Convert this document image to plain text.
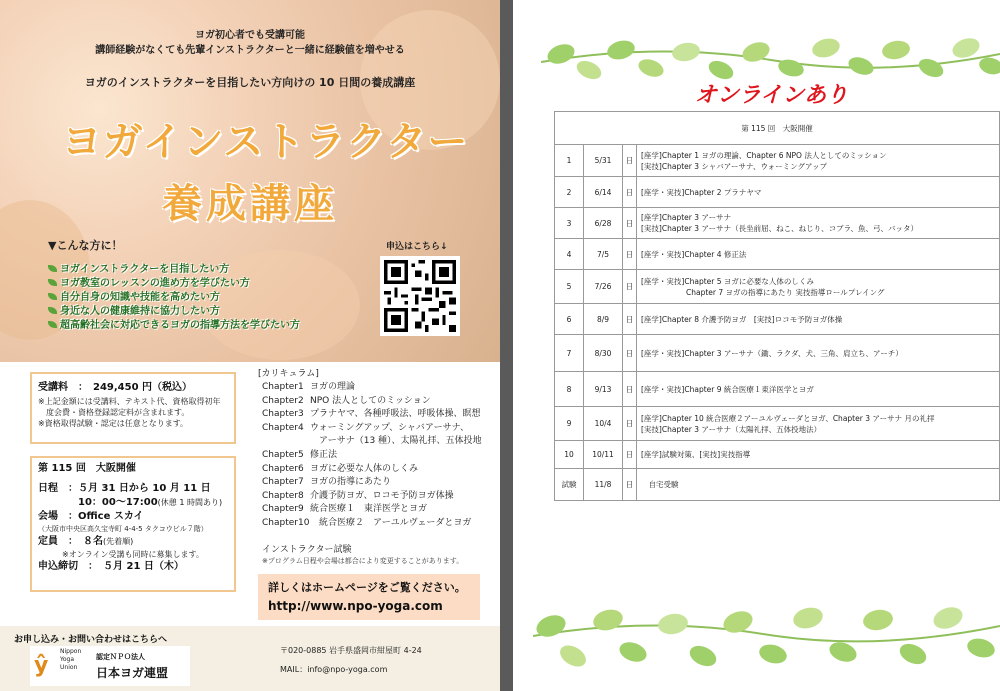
ヨガ初心者でも受講可能
講師経験がなくても先輩インストラクターと一緒に経験値を増やせる
ヨガのインストラクターを目指したい方向けの 10 日間の養成講座
ヨガインストラクター
養成講座
▼こんな方に！
ヨガインストラクターを目指したい方
ヨガ教室のレッスンの進め方を学びたい方
自分自身の知識や技能を高めたい方
身近な人の健康維持に協力したい方
超高齢社会に対応できるヨガの指導方法を学びたい方
申込はこちら↓
受講料　：　249,450 円（税込）
※上記金額には受講料、テキスト代、資格取得初年
　度会費・資格登録認定料が含まれます。
※資格取得試験・認定は任意となります。
第 115 回　大阪開催
日程　：５月 31 日から 10 月 11 日
　　　　10：00～17:00(休憩 1 時間あり)
会場　：Office スカイ
（大阪市中央区高久宝寺町 4-4-5 タクコウビル７階）
定員　：　８名(先着順)
※オンライン受講も同時に募集します。
申込締切　：　５月 21 日（木）
[カリキュラム]
Chapter1 ヨガの理論
Chapter2 NPO 法人としてのミッション
Chapter3 プラナヤマ、各種呼吸法、呼吸体操、瞑想
Chapter4 ウォーミングアップ、シャバアーサナ、
　アーサナ（13 種）、太陽礼拝、五体投地
Chapter5 修正法
Chapter6 ヨガに必要な人体のしくみ
Chapter7 ヨガの指導にあたり
Chapter8 介護予防ヨガ、ロコモ予防ヨガ体操
Chapter9 統合医療１　東洋医学とヨガ
Chapter10　統合医療２　アーユルヴェーダとヨガ
インストラクター試験
※プログラム日程や会場は都合により変更することがあります。
詳しくはホームページをご覧ください。
http://www.npo-yoga.com
お申し込み・お問い合わせはこちらへ
ŷ
Nippon Yoga Union
認定ＮＰＯ法人
日本ヨガ連盟
〒020-0885 岩手県盛岡市紺屋町 4-24
MAIL：info@npo-yoga.com
オンラインあり
第 115 回　大阪開催			
1	5/31	日	[座学]Chapter 1 ヨガの理論、Chapter 6 NPO 法人としてのミッション
[実技]Chapter 3 シャバアーサナ、ウォーミングアップ

2	6/14	日	[座学・実技]Chapter 2 プラナヤマ

3	6/28	日	[座学]Chapter 3 アーサナ
[実技]Chapter 3 アーサナ（長坐前屈、ねこ、ねじり、コブラ、魚、弓、バッタ）

4	7/5	日	[座学・実技]Chapter 4 修正法

5	7/26	日	[座学・実技]Chapter 5 ヨガに必要な人体のしくみ
　　　　　　Chapter 7 ヨガの指導にあたり 実技指導ロールプレイング

6	8/9	日	[座学]Chapter 8 介護予防ヨガ　[実技]ロコモ予防ヨガ体操

7	8/30	日	[座学・実技]Chapter 3 アーサナ（鋤、ラクダ、犬、三角、肩立ち、アーチ）

8	9/13	日	[座学・実技]Chapter 9 統合医療１東洋医学とヨガ

9	10/4	日	[座学]Chapter 10 統合医療２アーユルヴェーダとヨガ、Chapter 3 アーサナ 月の礼拝
[実技]Chapter 3 アーサナ（太陽礼拝、五体投地法）

10	10/11	日	[座学]試験対策、[実技]実技指導

試験	11/8	日	　自宅受験
